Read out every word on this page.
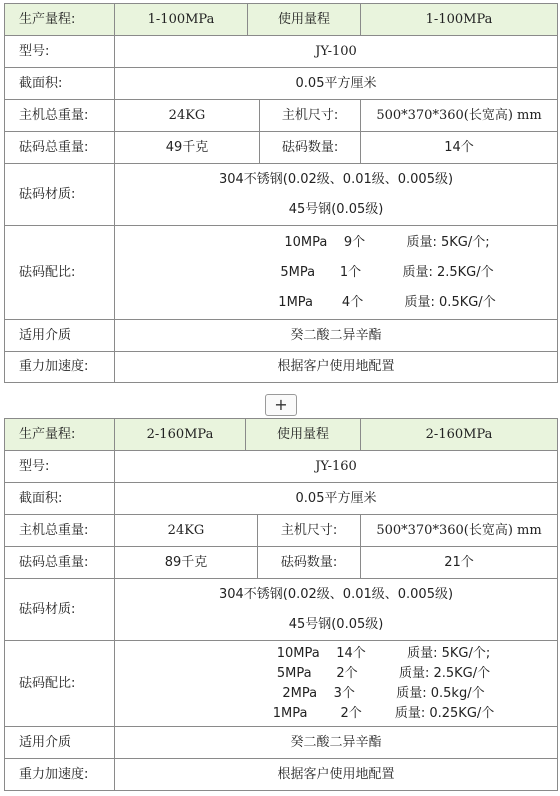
生产量程:	1-100MPa	使用量程		1-100MPa
型号:	JY-100			
截面积:	0.05平方厘米			
主机总重量:	24KG		主机尺寸:	500*370*360(长宽高) mm
砝码总重量:	49千克		砝码数量:	14个
砝码材质:	304不锈钢(0.02级、0.01级、0.005级)
45号钢(0.05级)			

砝码配比:	10MPa    9个          质量: 5KG/个;
5MPa      1个          质量: 2.5KG/个
1MPa       4个          质量: 0.5KG/个			

适用介质	癸二酸二异辛酯			
重力加速度:	根据客户使用地配置			
+
生产量程:	2-160MPa	使用量程		2-160MPa
型号:	JY-160			
截面积:	0.05平方厘米			
主机总重量:	24KG		主机尺寸:	500*370*360(长宽高) mm
砝码总重量:	89千克		砝码数量:	21个
砝码材质:	304不锈钢(0.02级、0.01级、0.005级)
45号钢(0.05级)			

砝码配比:	10MPa    14个          质量: 5KG/个;
5MPa      2个          质量: 2.5KG/个
2MPa    3个          质量: 0.5kg/个
1MPa        2个        质量: 0.25KG/个			

适用介质	癸二酸二异辛酯			
重力加速度:	根据客户使用地配置			
